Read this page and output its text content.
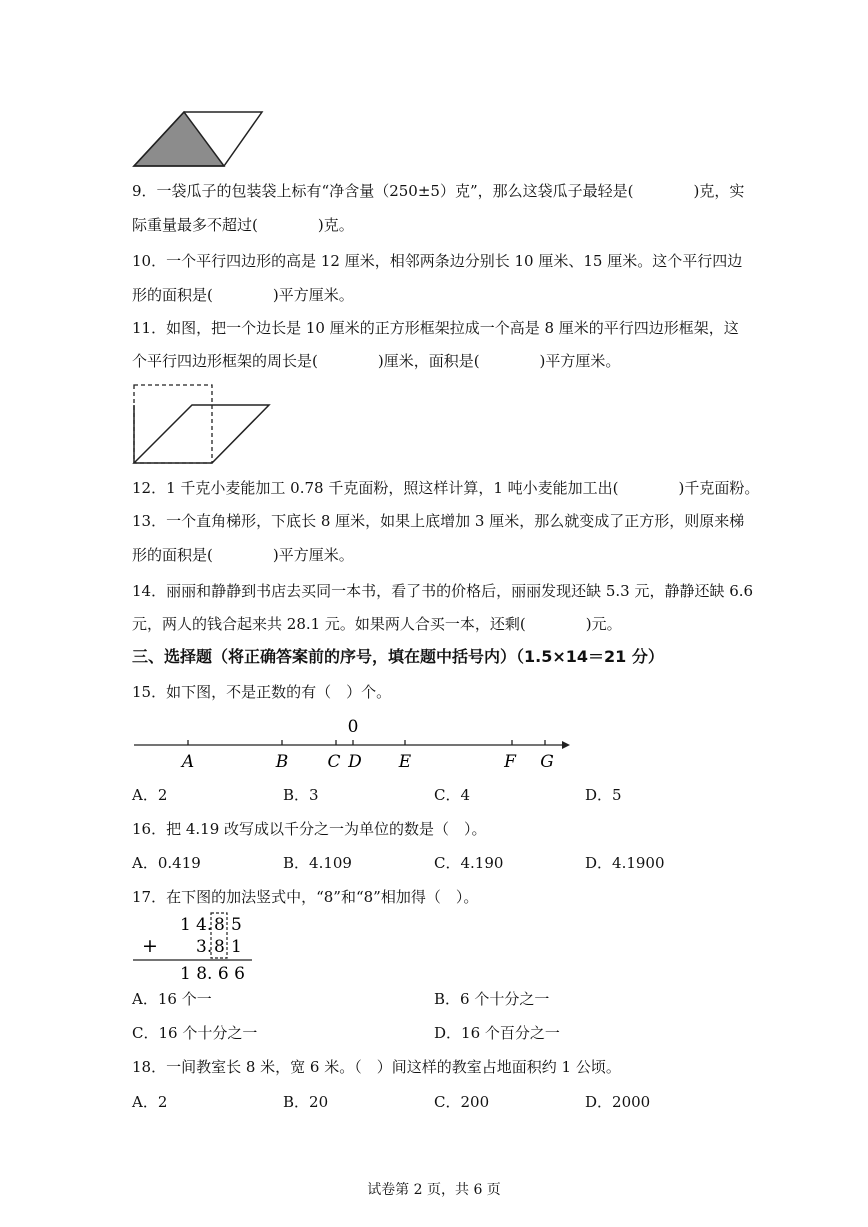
9．一袋瓜子的包装袋上标有“净含量（250±5）克”，那么这袋瓜子最轻是(　　　　)克，实
际重量最多不超过(　　　　)克。
10．一个平行四边形的高是 12 厘米，相邻两条边分别长 10 厘米、15 厘米。这个平行四边
形的面积是(　　　　)平方厘米。
11．如图，把一个边长是 10 厘米的正方形框架拉成一个高是 8 厘米的平行四边形框架，这
个平行四边形框架的周长是(　　　　)厘米，面积是(　　　　)平方厘米。
12．1 千克小麦能加工 0.78 千克面粉，照这样计算，1 吨小麦能加工出(　　　　)千克面粉。
13．一个直角梯形，下底长 8 厘米，如果上底增加 3 厘米，那么就变成了正方形，则原来梯
形的面积是(　　　　)平方厘米。
14．丽丽和静静到书店去买同一本书，看了书的价格后，丽丽发现还缺 5.3 元，静静还缺 6.6
元，两人的钱合起来共 28.1 元。如果两人合买一本，还剩(　　　　)元。
三、选择题（将正确答案前的序号，填在题中括号内）（1.5×14＝21 分）
15．如下图，不是正数的有（　）个。
0
A	B C D E	F G
A．2	B．3	C．4	D．5
16．把 4.19 改写成以千分之一为单位的数是（　）。
A．0.419	B．4.109	C．4.190	D．4.1900
17．在下图的加法竖式中，“8”和“8”相加得（　）。
1 4. 8 5
+ 3. 8 1
1 8. 6 6
A．16 个一	B．6 个十分之一
C．16 个十分之一	D．16 个百分之一
18．一间教室长 8 米，宽 6 米。（　）间这样的教室占地面积约 1 公顷。
A．2	B．20	C．200	D．2000
试卷第 2 页，共 6 页
